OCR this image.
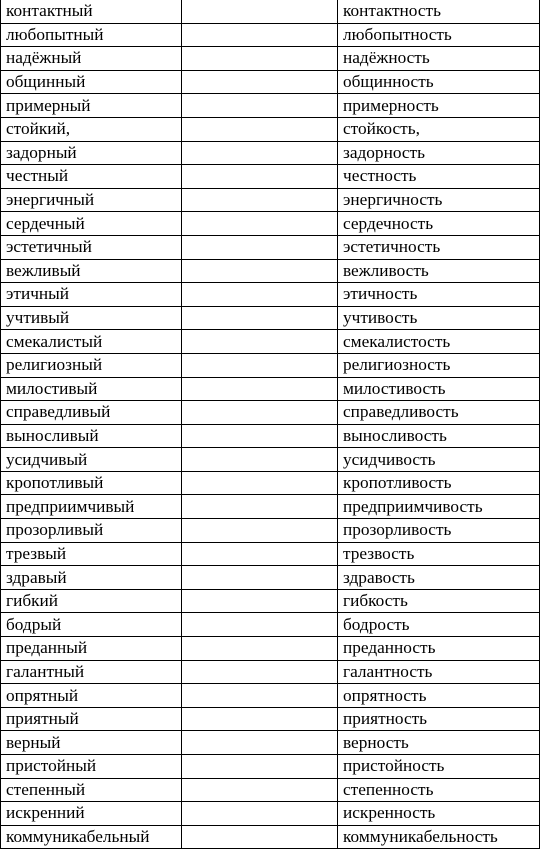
контактный		контактность
любопытный		любопытность
надёжный		надёжность
общинный		общинность
примерный		примерность
стойкий,		стойкость,
задорный		задорность
честный		честность
энергичный		энергичность
сердечный		сердечность
эстетичный		эстетичность
вежливый		вежливость
этичный		этичность
учтивый		учтивость
смекалистый		смекалистость
религиозный		религиозность
милостивый		милостивость
справедливый		справедливость
выносливый		выносливость
усидчивый		усидчивость
кропотливый		кропотливость
предприимчивый		предприимчивость
прозорливый		прозорливость
трезвый		трезвость
здравый		здравость
гибкий		гибкость
бодрый		бодрость
преданный		преданность
галантный		галантность
опрятный		опрятность
приятный		приятность
верный		верность
пристойный		пристойность
степенный		степенность
искренний		искренность
коммуникабельный		коммуникабельность
